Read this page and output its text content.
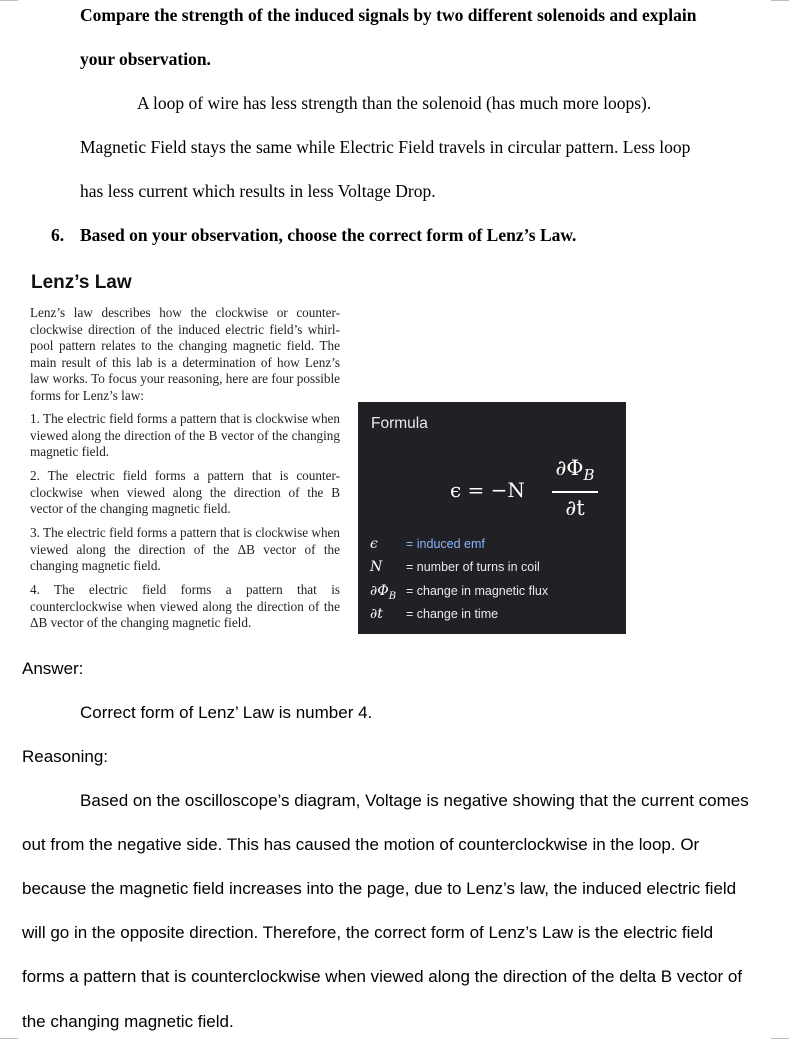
Compare the strength of the induced signals by two different solenoids and explain
your observation.
A loop of wire has less strength than the solenoid (has much more loops).
Magnetic Field stays the same while Electric Field travels in circular pattern. Less loop
has less current which results in less Voltage Drop.
6. Based on your observation, choose the correct form of Lenz’s Law.
Lenz’s Law
Lenz’s law describes how the clockwise or counter-clockwise direction of the induced electric field’s whirl-pool pattern relates to the changing magnetic field. The main result of this lab is a determination of how Lenz’s law works. To focus your reasoning, here are four possible forms for Lenz’s law:
1. The electric field forms a pattern that is clockwise when viewed along the direction of the B vector of the changing magnetic field.
2. The electric field forms a pattern that is counter-clockwise when viewed along the direction of the B vector of the changing magnetic field.
3. The electric field forms a pattern that is clockwise when viewed along the direction of the ΔB vector of the changing magnetic field.
4. The electric field forms a pattern that is counterclockwise when viewed along the direction of the ΔB vector of the changing magnetic field.
Formula
ϵ = −N
$\partial\Phi_B$
∂t
ϵ = induced emf
N = number of turns in coil
$\partial\Phi_B$ = change in magnetic flux
∂t = change in time
Answer:
Correct form of Lenz’ Law is number 4.
Reasoning:
Based on the oscilloscope’s diagram, Voltage is negative showing that the current comes
out from the negative side. This has caused the motion of counterclockwise in the loop. Or
because the magnetic field increases into the page, due to Lenz’s law, the induced electric field
will go in the opposite direction. Therefore, the correct form of Lenz’s Law is the electric field
forms a pattern that is counterclockwise when viewed along the direction of the delta B vector of
the changing magnetic field.
